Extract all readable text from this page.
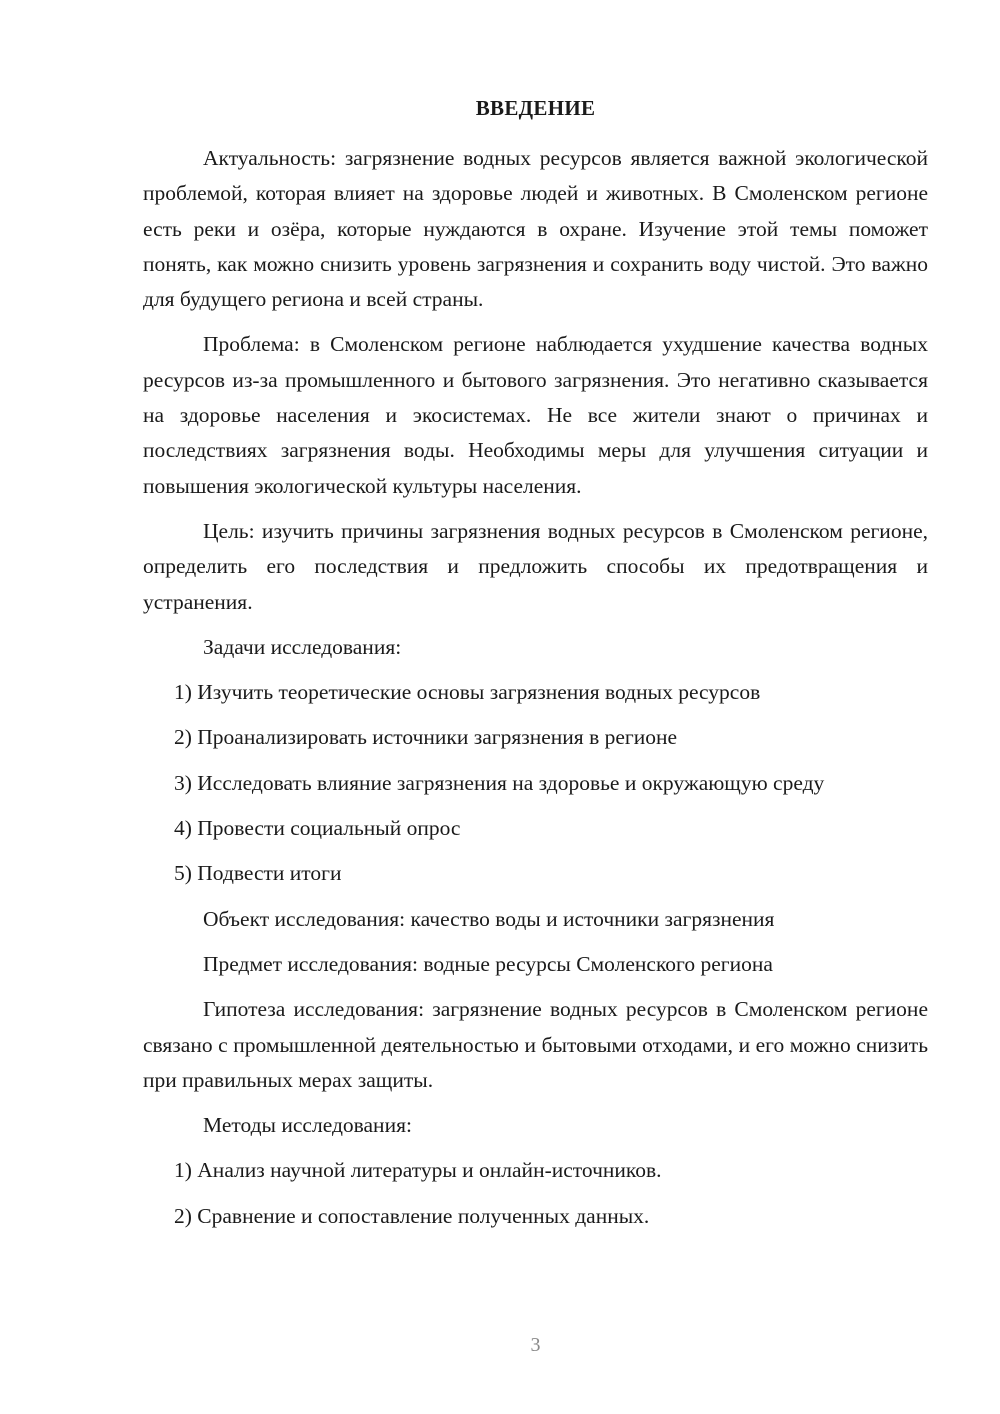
ВВЕДЕНИЕ

Актуальность: загрязнение водных ресурсов является важной экологической проблемой, которая влияет на здоровье людей и животных. В Смоленском регионе есть реки и озёра, которые нуждаются в охране. Изучение этой темы поможет понять, как можно снизить уровень загрязнения и сохранить воду чистой. Это важно для будущего региона и всей страны.

Проблема: в Смоленском регионе наблюдается ухудшение качества водных ресурсов из-за промышленного и бытового загрязнения. Это негативно сказывается на здоровье населения и экосистемах. Не все жители знают о причинах и последствиях загрязнения воды. Необходимы меры для улучшения ситуации и повышения экологической культуры населения.

Цель: изучить причины загрязнения водных ресурсов в Смоленском регионе, определить его последствия и предложить способы их предотвращения и устранения.

Задачи исследования:

1) Изучить теоретические основы загрязнения водных ресурсов

2) Проанализировать источники загрязнения в регионе

3) Исследовать влияние загрязнения на здоровье и окружающую среду

4) Провести социальный опрос

5) Подвести итоги

Объект исследования: качество воды и источники загрязнения

Предмет исследования: водные ресурсы Смоленского региона

Гипотеза исследования: загрязнение водных ресурсов в Смоленском регионе связано с промышленной деятельностью и бытовыми отходами, и его можно снизить при правильных мерах защиты.

Методы исследования:

1) Анализ научной литературы и онлайн-источников.

2) Сравнение и сопоставление полученных данных.

3
